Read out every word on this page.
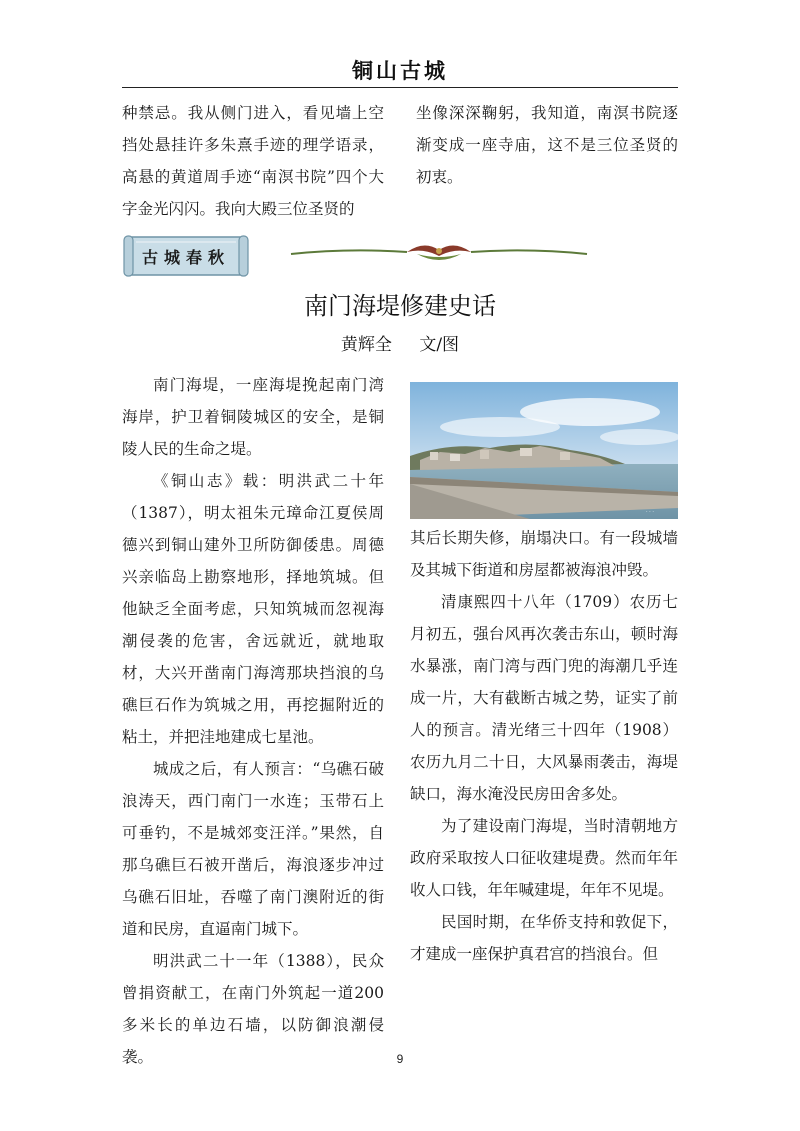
铜山古城

种禁忌。我从侧门进入，看见墙上空挡处悬挂许多朱熹手迹的理学语录，高悬的黄道周手迹“南溟书院”四个大字金光闪闪。我向大殿三位圣贤的

坐像深深鞠躬，我知道，南溟书院逐渐变成一座寺庙，这不是三位圣贤的初衷。

古城春秋
南门海堤修建史话
黄辉全 文/图

南门海堤，一座海堤挽起南门湾海岸，护卫着铜陵城区的安全，是铜陵人民的生命之堤。

《铜山志》载：明洪武二十年（1387），明太祖朱元璋命江夏侯周德兴到铜山建外卫所防御倭患。周德兴亲临岛上勘察地形，择地筑城。但他缺乏全面考虑，只知筑城而忽视海潮侵袭的危害，舍远就近，就地取材，大兴开凿南门海湾那块挡浪的乌礁巨石作为筑城之用，再挖掘附近的粘土，并把洼地建成七星池。

城成之后，有人预言：“乌礁石破浪涛天，西门南门一水连；玉带石上可垂钓，不是城郊变汪洋。”果然，自那乌礁巨石被开凿后，海浪逐步冲过乌礁石旧址，吞噬了南门澳附近的街道和民房，直逼南门城下。

明洪武二十一年（1388），民众曾捐资献工，在南门外筑起一道200多米长的单边石墙，以防御浪潮侵袭。

· · ·

其后长期失修，崩塌决口。有一段城墙及其城下街道和房屋都被海浪冲毁。

清康熙四十八年（1709）农历七月初五，强台风再次袭击东山，顿时海水暴涨，南门湾与西门兜的海潮几乎连成一片，大有截断古城之势，证实了前人的预言。清光绪三十四年（1908）农历九月二十日，大风暴雨袭击，海堤缺口，海水淹没民房田舍多处。

为了建设南门海堤，当时清朝地方政府采取按人口征收建堤费。然而年年收人口钱，年年喊建堤，年年不见堤。

民国时期，在华侨支持和敦促下，才建成一座保护真君宫的挡浪台。但

9
